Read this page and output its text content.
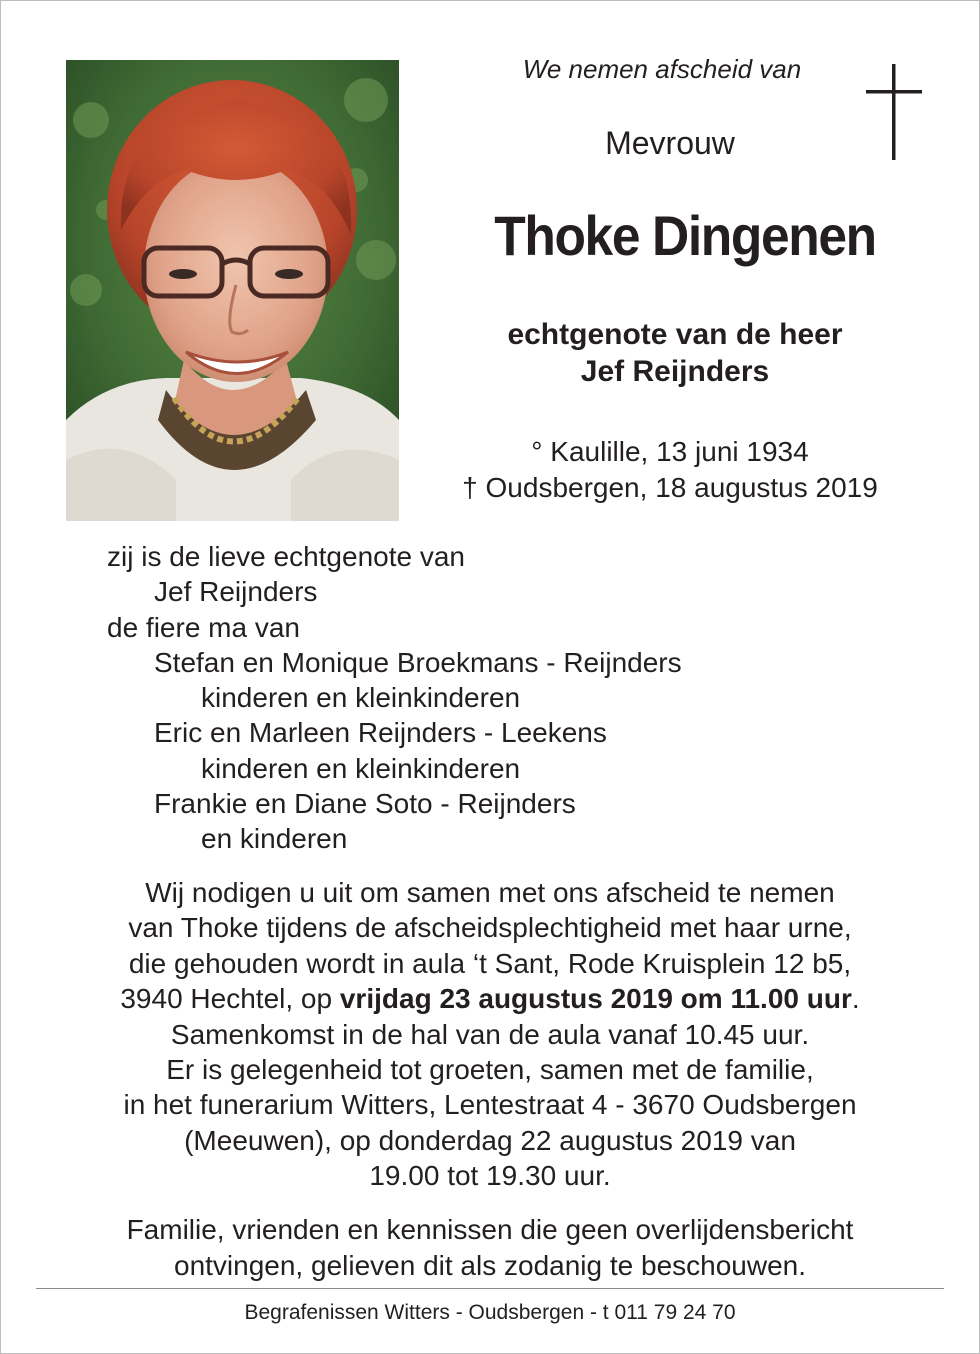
We nemen afscheid van
Mevrouw
Thoke Dingenen
echtgenote van de heer
Jef Reijnders
° Kaulille, 13 juni 1934
† Oudsbergen, 18 augustus 2019
zij is de lieve echtgenote van
Jef Reijnders
de fiere ma van
Stefan en Monique Broekmans - Reijnders
kinderen en kleinkinderen
Eric en Marleen Reijnders - Leekens
kinderen en kleinkinderen
Frankie en Diane Soto - Reijnders
en kinderen
Wij nodigen u uit om samen met ons afscheid te nemen
van Thoke tijdens de afscheidsplechtigheid met haar urne,
die gehouden wordt in aula ‘t Sant, Rode Kruisplein 12 b5,
3940 Hechtel, op vrijdag 23 augustus 2019 om 11.00 uur.
Samenkomst in de hal van de aula vanaf 10.45 uur.
Er is gelegenheid tot groeten, samen met de familie,
in het funerarium Witters, Lentestraat 4 - 3670 Oudsbergen
(Meeuwen), op donderdag 22 augustus 2019 van
19.00 tot 19.30 uur.
Familie, vrienden en kennissen die geen overlijdensbericht
ontvingen, gelieven dit als zodanig te beschouwen.
Begrafenissen Witters - Oudsbergen - t 011 79 24 70
